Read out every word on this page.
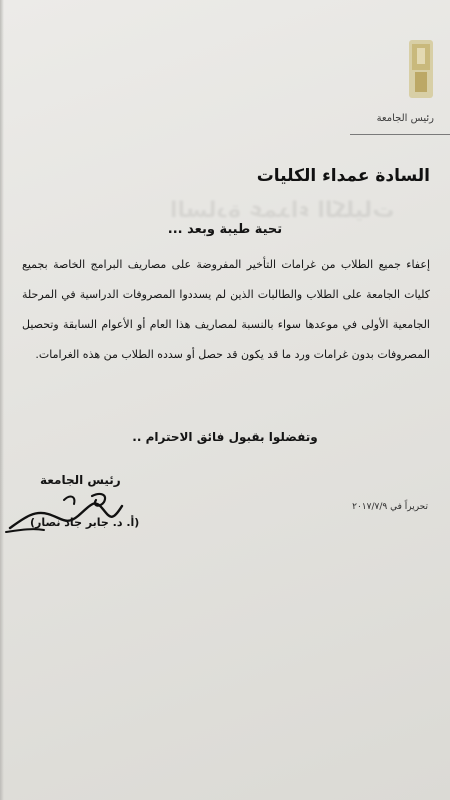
رئيس الجامعة
السادة عمداء الكليات
السادة عمداء الكليات
تحية طيبة وبعد ...
إعفاء جميع الطلاب من غرامات التأخير المفروضة على مصاريف البرامج الخاصة بجميع كليات الجامعة على الطلاب والطالبات الذين لم يسددوا المصروفات الدراسية في المرحلة الجامعية الأولى في موعدها سواء بالنسبة لمصاريف هذا العام أو الأعوام السابقة وتحصيل المصروفات بدون غرامات ورد ما قد يكون قد حصل أو سدده الطلاب من هذه الغرامات.
وتفضلوا بقبول فائق الاحترام ..
تحريراً في ٢٠١٧/٧/٩
رئيس الجامعة
(أ. د. جابر جاد نصار)
